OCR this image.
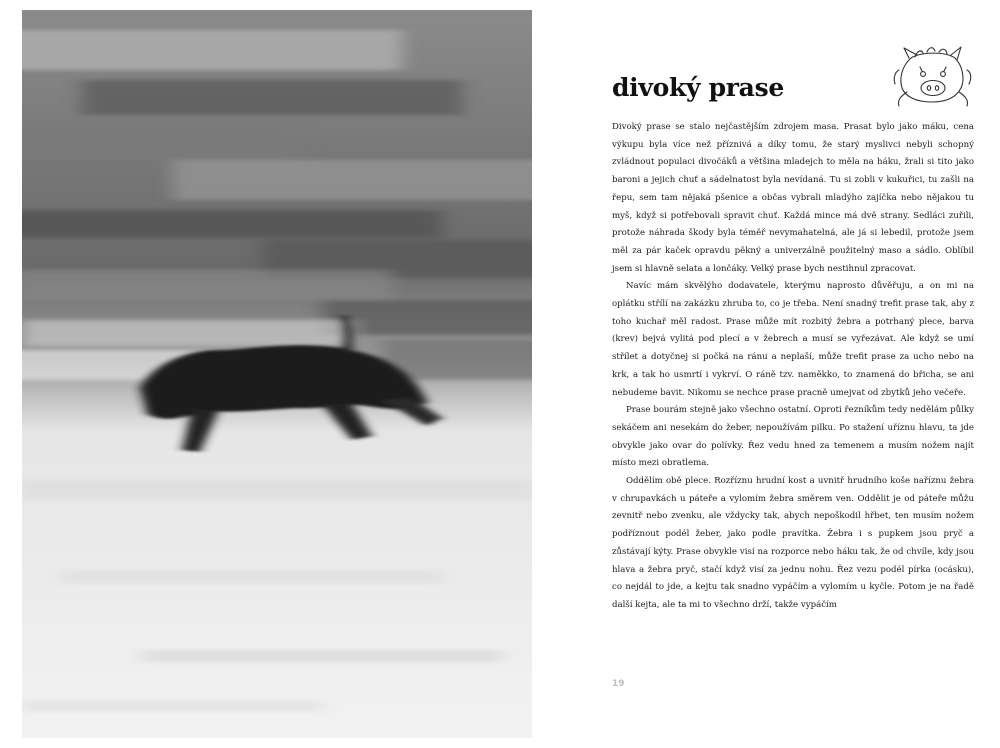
divoký prase

Divoký prase se stalo nejčastějším zdrojem masa. Prasat bylo jako máku, cena výkupu byla více než příznivá a díky tomu, že starý myslivci nebyli schopný zvládnout populaci divočáků a většina mladejch to měla na háku, žrali si tito jako baroni a jejich chuť a sádelnatost byla nevídaná. Tu si zobli v kukuřici, tu zašli na řepu, sem tam nějaká pšenice a občas vybrali mladýho zajíčka nebo nějakou tu myš, když si potřebovali spravit chuť. Každá mince má dvě strany. Sedláci zuřili, protože náhrada škody byla téměř nevymahatelná, ale já si lebedil, protože jsem měl za pár kaček opravdu pěkný a univerzálně použitelný maso a sádlo. Oblíbil jsem si hlavně selata a lončáky. Velký prase bych nestihnul zpracovat.

Navíc mám skvělýho dodavatele, kterýmu naprosto důvěřuju, a on mi na oplátku střílí na zakázku zhruba to, co je třeba. Není snadný trefit prase tak, aby z toho kuchař měl radost. Prase může mít rozbitý žebra a potrhaný plece, barva (krev) bejvá vylitá pod plecí a v žebrech a musí se vyřezávat. Ale když se umí střílet a dotyčnej si počká na ránu a neplaší, může trefit prase za ucho nebo na krk, a tak ho usmrtí i vykrví. O ráně tzv. naměkko, to znamená do břicha, se ani nebudeme bavit. Nikomu se nechce prase pracně umejvat od zbytků jeho večeře.

Prase bourám stejně jako všechno ostatní. Oproti řezníkům tedy nedělám půlky sekáčem ani nesekám do žeber, nepoužívám pilku. Po stažení uříznu hlavu, ta jde obvykle jako ovar do polívky. Řez vedu hned za temenem a musím nožem najít místo mezi obratlema.

Oddělím obě plece. Rozříznu hrudní kost a uvnitř hrudního koše naříznu žebra v chrupavkách u páteře a vylomím žebra směrem ven. Oddělit je od páteře můžu zevnitř nebo zvenku, ale vždycky tak, abych nepoškodil hřbet, ten musím nožem podříznout podél žeber, jako podle pravítka. Žebra i s pupkem jsou pryč a zůstávají kýty. Prase obvykle visí na rozporce nebo háku tak, že od chvíle, kdy jsou hlava a žebra pryč, stačí když visí za jednu nohu. Řez vezu podél pírka (ocásku), co nejdál to jde, a kejtu tak snadno vypáčím a vylomím u kyčle. Potom je na řadě další kejta, ale ta mi to všechno drží, takže vypáčím

19
